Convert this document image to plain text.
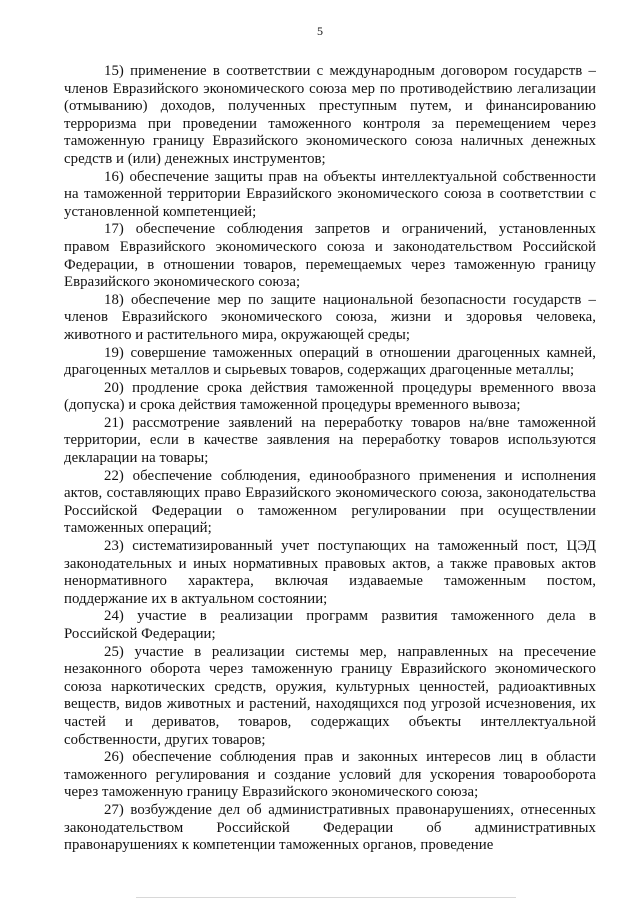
5

15) применение в соответствии с международным договором государств – членов Евразийского экономического союза мер по противодействию легализации (отмыванию) доходов, полученных преступным путем, и финансированию терроризма при проведении таможенного контроля за перемещением через таможенную границу Евразийского экономического союза наличных денежных средств и (или) денежных инструментов;

16) обеспечение защиты прав на объекты интеллектуальной собственности на таможенной территории Евразийского экономического союза в соответствии с установленной компетенцией;

17) обеспечение соблюдения запретов и ограничений, установленных правом Евразийского экономического союза и законодательством Российской Федерации, в отношении товаров, перемещаемых через таможенную границу Евразийского экономического союза;

18) обеспечение мер по защите национальной безопасности государств – членов Евразийского экономического союза, жизни и здоровья человека, животного и растительного мира, окружающей среды;

19) совершение таможенных операций в отношении драгоценных камней, драгоценных металлов и сырьевых товаров, содержащих драгоценные металлы;

20) продление срока действия таможенной процедуры временного ввоза (допуска) и срока действия таможенной процедуры временного вывоза;

21) рассмотрение заявлений на переработку товаров на/вне таможенной территории, если в качестве заявления на переработку товаров используются декларации на товары;

22) обеспечение соблюдения, единообразного применения и исполнения актов, составляющих право Евразийского экономического союза, законодательства Российской Федерации о таможенном регулировании при осуществлении таможенных операций;

23) систематизированный учет поступающих на таможенный пост, ЦЭД законодательных и иных нормативных правовых актов, а также правовых актов ненормативного характера, включая издаваемые таможенным постом, поддержание их в актуальном состоянии;

24) участие в реализации программ развития таможенного дела в Российской Федерации;

25) участие в реализации системы мер, направленных на пресечение незаконного оборота через таможенную границу Евразийского экономического союза наркотических средств, оружия, культурных ценностей, радиоактивных веществ, видов животных и растений, находящихся под угрозой исчезновения, их частей и дериватов, товаров, содержащих объекты интеллектуальной собственности, других товаров;

26) обеспечение соблюдения прав и законных интересов лиц в области таможенного регулирования и создание условий для ускорения товарооборота через таможенную границу Евразийского экономического союза;

27) возбуждение дел об административных правонарушениях, отнесенных законодательством Российской Федерации об административных правонарушениях к компетенции таможенных органов, проведение
